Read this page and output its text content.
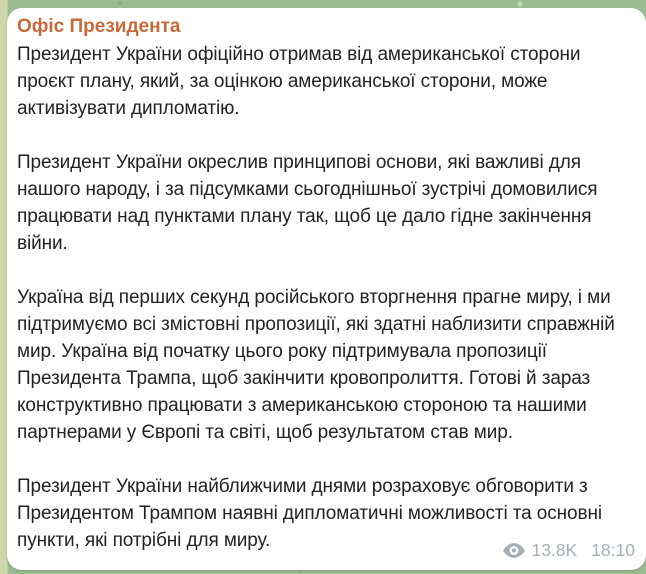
Офіс Президента

Президент України офіційно отримав від американської сторони проєкт плану, який, за оцінкою американської сторони, може активізувати дипломатію.

Президент України окреслив принципові основи, які важливі для нашого народу, і за підсумками сьогоднішньої зустрічі домовилися працювати над пунктами плану так, щоб це дало гідне закінчення війни.

Україна від перших секунд російського вторгнення прагне миру, і ми підтримуємо всі змістовні пропозиції, які здатні наблизити справжній мир. Україна від початку цього року підтримувала пропозиції Президента Трампа, щоб закінчити кровопролиття. Готові й зараз конструктивно працювати з американською стороною та нашими партнерами у Європі та світі, щоб результатом став мир.

Президент України найближчими днями розраховує обговорити з Президентом Трампом наявні дипломатичні можливості та основні пункти, які потрібні для миру.	13.8K 18:10
